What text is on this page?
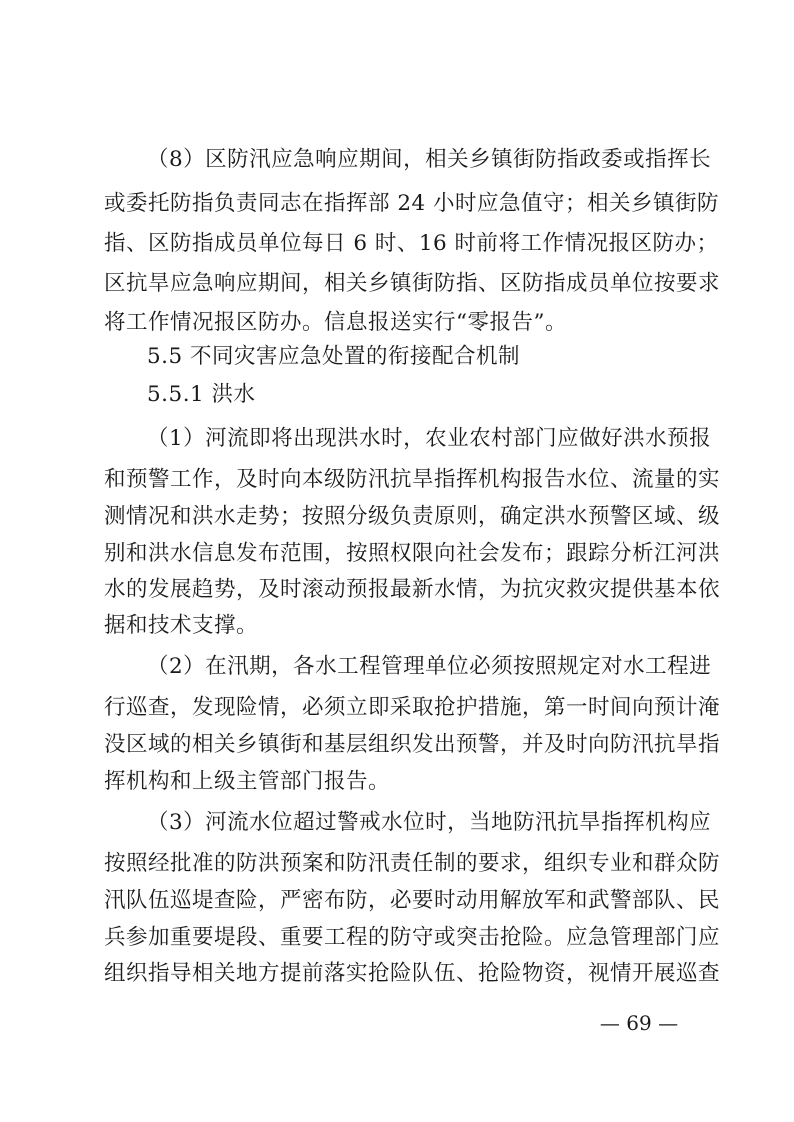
（8）区防汛应急响应期间，相关乡镇街防指政委或指挥长
或委托防指负责同志在指挥部 24 小时应急值守；相关乡镇街防
指、区防指成员单位每日 6 时、16 时前将工作情况报区防办；
区抗旱应急响应期间，相关乡镇街防指、区防指成员单位按要求
将工作情况报区防办。信息报送实行“零报告”。
5.5 不同灾害应急处置的衔接配合机制
5.5.1 洪水
（1）河流即将出现洪水时，农业农村部门应做好洪水预报
和预警工作，及时向本级防汛抗旱指挥机构报告水位、流量的实
测情况和洪水走势；按照分级负责原则，确定洪水预警区域、级
别和洪水信息发布范围，按照权限向社会发布；跟踪分析江河洪
水的发展趋势，及时滚动预报最新水情，为抗灾救灾提供基本依
据和技术支撑。
（2）在汛期，各水工程管理单位必须按照规定对水工程进
行巡查，发现险情，必须立即采取抢护措施，第一时间向预计淹
没区域的相关乡镇街和基层组织发出预警，并及时向防汛抗旱指
挥机构和上级主管部门报告。
（3）河流水位超过警戒水位时，当地防汛抗旱指挥机构应
按照经批准的防洪预案和防汛责任制的要求，组织专业和群众防
汛队伍巡堤查险，严密布防，必要时动用解放军和武警部队、民
兵参加重要堤段、重要工程的防守或突击抢险。应急管理部门应
组织指导相关地方提前落实抢险队伍、抢险物资，视情开展巡查
— 69 —
